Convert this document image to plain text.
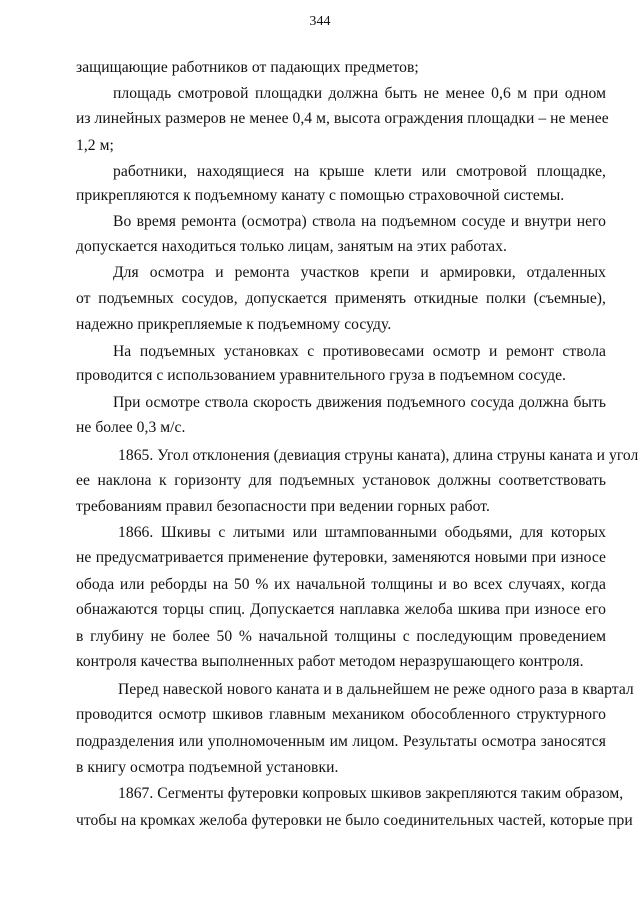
344
защищающие работников от падающих предметов;
площадь смотровой площадки должна быть не менее 0,6 м при одном
из линейных размеров не менее 0,4 м, высота ограждения площадки – не менее
1,2 м;
работники, находящиеся на крыше клети или смотровой площадке,
прикрепляются к подъемному канату с помощью страховочной системы.
Во время ремонта (осмотра) ствола на подъемном сосуде и внутри него
допускается находиться только лицам, занятым на этих работах.
Для осмотра и ремонта участков крепи и армировки, отдаленных
от подъемных сосудов, допускается применять откидные полки (съемные),
надежно прикрепляемые к подъемному сосуду.
На подъемных установках с противовесами осмотр и ремонт ствола
проводится с использованием уравнительного груза в подъемном сосуде.
При осмотре ствола скорость движения подъемного сосуда должна быть
не более 0,3 м/с.
1865. Угол отклонения (девиация струны каната), длина струны каната и угол
ее наклона к горизонту для подъемных установок должны соответствовать
требованиям правил безопасности при ведении горных работ.
1866. Шкивы с литыми или штампованными ободьями, для которых
не предусматривается применение футеровки, заменяются новыми при износе
обода или реборды на 50 % их начальной толщины и во всех случаях, когда
обнажаются торцы спиц. Допускается наплавка желоба шкива при износе его
в глубину не более 50 % начальной толщины с последующим проведением
контроля качества выполненных работ методом неразрушающего контроля.
Перед навеской нового каната и в дальнейшем не реже одного раза в квартал
проводится осмотр шкивов главным механиком обособленного структурного
подразделения или уполномоченным им лицом. Результаты осмотра заносятся
в книгу осмотра подъемной установки.
1867. Сегменты футеровки копровых шкивов закрепляются таким образом,
чтобы на кромках желоба футеровки не было соединительных частей, которые при
